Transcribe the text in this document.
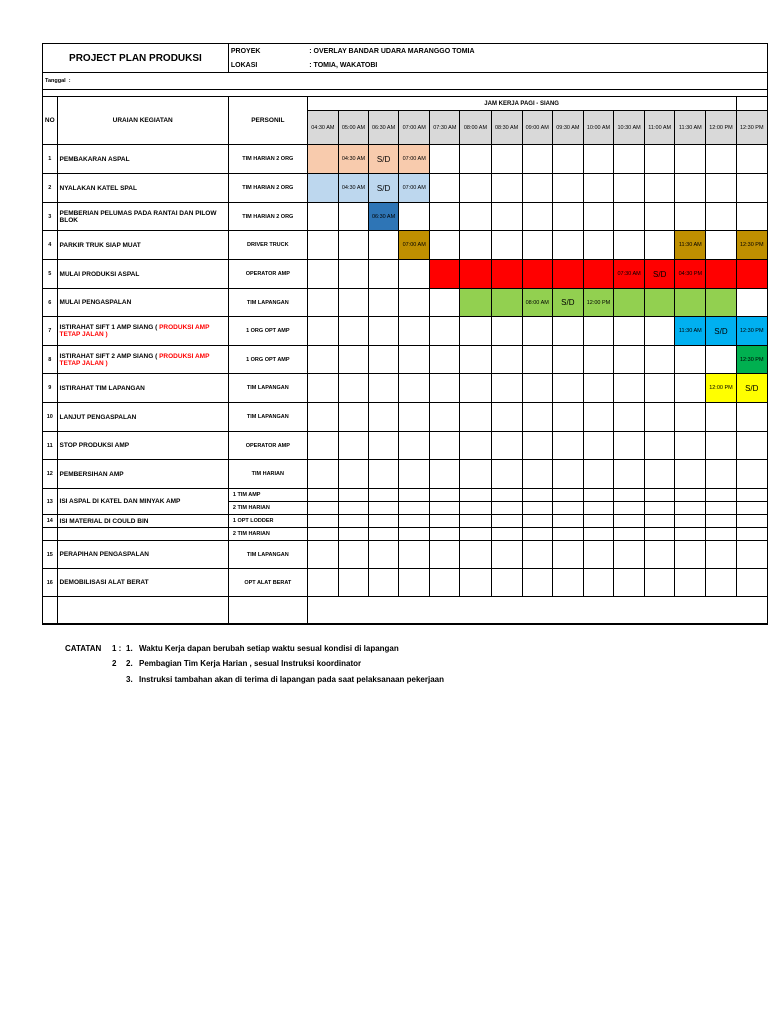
PROJECT PLAN PRODUKSI		PROYEK	: OVERLAY BANDAR UDARA MARANGGO TOMIA														
		LOKASI	: TOMIA, WAKATOBI														
Tanggal :																	

NO	URAIAN KEGIATAN	PERSONIL	JAM KERJA PAGI - SIANG														
			04:30 AM	05:00 AM	06:30 AM	07:00 AM	07:30 AM	08:00 AM	08:30 AM	09:00 AM	09:30 AM	10:00 AM	10:30 AM	11:00 AM	11:30 AM	12:00 PM	12:30 PM
1	PEMBAKARAN ASPAL	TIM HARIAN 2 ORG		04:30 AM	S/D	07:00 AM											
2	NYALAKAN KATEL SPAL	TIM HARIAN 2 ORG		04:30 AM	S/D	07:00 AM											
3	PEMBERIAN PELUMAS PADA RANTAI DAN PILOW BLOK	TIM HARIAN 2 ORG			06:30 AM												
4	PARKIR TRUK SIAP MUAT	DRIVER TRUCK				07:00 AM									11:30 AM		12:30 PM
5	MULAI PRODUKSI ASPAL	OPERATOR AMP											07:30 AM	S/D	04:30 PM		
6	MULAI PENGASPALAN	TIM LAPANGAN								08:00 AM	S/D	12:00 PM					
7	ISTIRAHAT SIFT 1 AMP SIANG ( PRODUKSI AMP TETAP JALAN )	1 ORG OPT AMP													11:30 AM	S/D	12:30 PM
8	ISTIRAHAT SIFT 2 AMP SIANG ( PRODUKSI AMP TETAP JALAN )	1 ORG OPT AMP															12:30 PM
9	ISTIRAHAT TIM LAPANGAN	TIM LAPANGAN														12:00 PM	S/D
10	LANJUT PENGASPALAN	TIM LAPANGAN															
11	STOP PRODUKSI AMP	OPERATOR AMP															
12	PEMBERSIHAN AMP	TIM HARIAN															
13	ISI ASPAL DI KATEL DAN MINYAK AMP	1 TIM AMP															
		2 TIM HARIAN															
14	ISI MATERIAL DI COULD BIN	1 OPT LODDER															
		2 TIM HARIAN															
15	PERAPIHAN PENGASPALAN	TIM LAPANGAN															
16	DEMOBILISASI ALAT BERAT	OPT ALAT BERAT															

CATATAN 1 : 1. Waktu Kerja dapan berubah setiap waktu sesual kondisi di lapangan
2 2. Pembagian Tim Kerja Harian , sesual Instruksi koordinator
3. Instruksi tambahan akan di terima di lapangan pada saat pelaksanaan pekerjaan
